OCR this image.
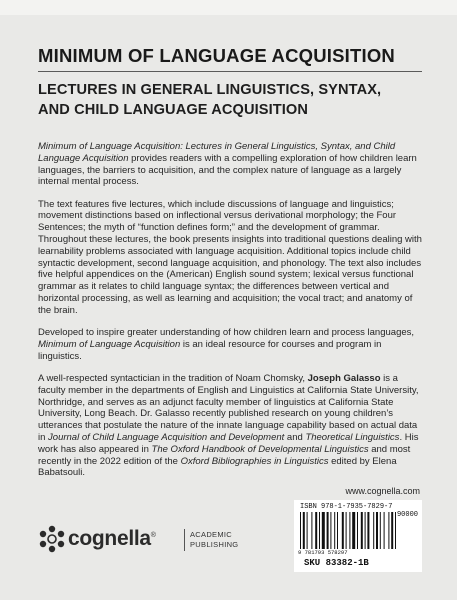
MINIMUM OF LANGUAGE ACQUISITION
LECTURES IN GENERAL LINGUISTICS, SYNTAX,
AND CHILD LANGUAGE ACQUISITION

Minimum of Language Acquisition: Lectures in General Linguistics, Syntax, and Child Language Acquisition provides readers with a compelling exploration of how children learn languages, the barriers to acquisition, and the complex nature of language as a largely internal mental process.

The text features five lectures, which include discussions of language and linguistics; movement distinctions based on inflectional versus derivational morphology; the Four Sentences; the myth of “function defines form;” and the development of grammar. Throughout these lectures, the book presents insights into traditional questions dealing with learnability problems associated with language acquisition. Additional topics include child syntactic development, second language acquisition, and phonology. The text also includes five helpful appendices on the (American) English sound system; lexical versus functional grammar as it relates to child language syntax; the differences between vertical and horizontal processing, as well as learning and acquisition; the vocal tract; and anatomy of the brain.

Developed to inspire greater understanding of how children learn and process languages, Minimum of Language Acquisition is an ideal resource for courses and program in linguistics.

A well-respected syntactician in the tradition of Noam Chomsky, Joseph Galasso is a faculty member in the departments of English and Linguistics at California State University, Northridge, and serves as an adjunct faculty member of linguistics at California State University, Long Beach. Dr. Galasso recently published research on young children’s utterances that postulate the nature of the innate language capability based on actual data in Journal of Child Language Acquisition and Development and Theoretical Linguistics. His work has also appeared in The Oxford Handbook of Developmental Linguistics and most recently in the 2022 edition of the Oxford Bibliographies in Linguistics edited by Elena Babatsouli.

www.cognella.com
ISBN 978-1-7935-7829-7
90000
9 781793 578297
SKU 83382-1B
cognella®	ACADEMIC
PUBLISHING
